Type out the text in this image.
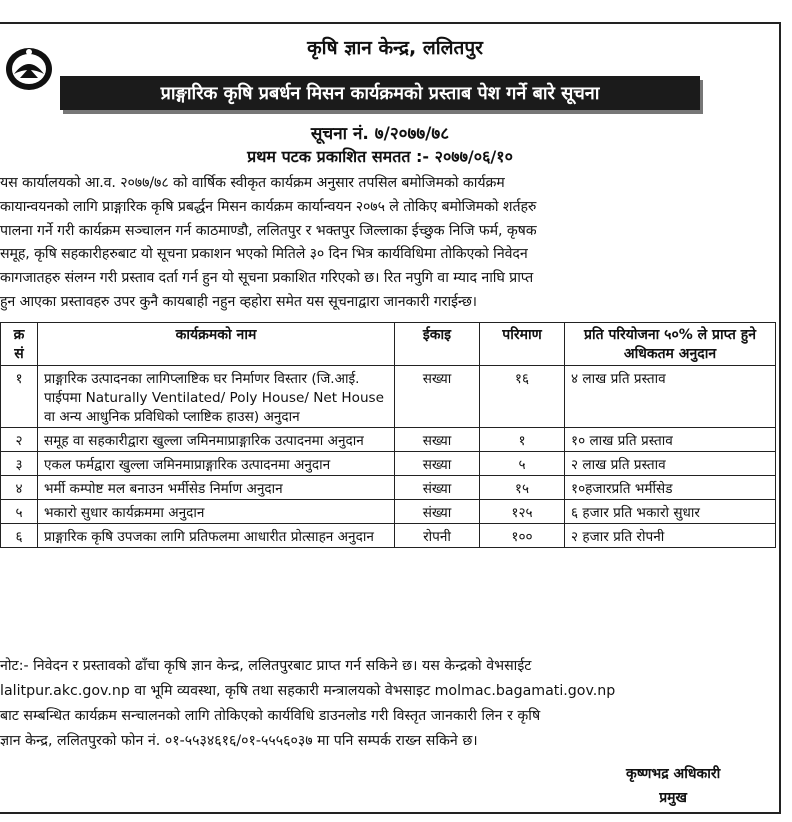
कृषि ज्ञान केन्द्र, ललितपुर
प्राङ्गारिक कृषि प्रबर्धन मिसन कार्यक्रमको प्रस्ताब पेश गर्ने बारे सूचना
सूचना नं. ७/२०७७/७८
प्रथम पटक प्रकाशित समतत :- २०७७/०६/१०
यस कार्यालयको आ.व. २०७७/७८ को वार्षिक स्वीकृत कार्यक्रम अनुसार तपसिल बमोजिमको कार्यक्रम
कायान्वयनको लागि प्राङ्गारिक कृषि प्रबर्द्धन मिसन कार्यक्रम कार्यान्वयन २०७५ ले तोकिए बमोजिमको शर्तहरु
पालना गर्ने गरी कार्यक्रम सञ्चालन गर्न काठमाण्डौ, ललितपुर र भक्तपुर जिल्लाका ईच्छुक निजि फर्म, कृषक
समूह, कृषि सहकारीहरुबाट यो सूचना प्रकाशन भएको मितिले ३० दिन भित्र कार्यविधिमा तोकिएको निवेदन
कागजातहरु संलग्न गरी प्रस्ताव दर्ता गर्न हुन यो सूचना प्रकाशित गरिएको छ। रित नपुगि वा म्याद नाघि प्राप्त
हुन आएका प्रस्तावहरु उपर कुनै कायबाही नहुन व्हहोरा समेत यस सूचनाद्वारा जानकारी गराईन्छ।
क्र सं	कार्यक्रमको नाम	ईकाइ	परिमाण	प्रति परियोजना ५०% ले प्राप्त हुने अधिकतम अनुदान
१	प्राङ्गारिक उत्पादनका लागिप्लाष्टिक घर निर्माणर विस्तार (जि.आई. पाईपमा Naturally Ventilated/ Poly House/ Net House वा अन्य आधुनिक प्रविधिको प्लाष्टिक हाउस) अनुदान	सख्या	१६	४ लाख प्रति प्रस्ताव
२	समूह वा सहकारीद्वारा खुल्ला जमिनमाप्राङ्गारिक उत्पादनमा अनुदान	सख्या	१	१० लाख प्रति प्रस्ताव
३	एकल फर्मद्वारा खुल्ला जमिनमाप्राङ्गारिक उत्पादनमा अनुदान	सख्या	५	२ लाख प्रति प्रस्ताव
४	भर्मी कम्पोष्ट मल बनाउन भर्मीसेड निर्माण अनुदान	संख्या	१५	१०हजारप्रति भर्मीसेड
५	भकारो सुधार कार्यक्रममा अनुदान	संख्या	१२५	६ हजार प्रति भकारो सुधार
६	प्राङ्गारिक कृषि उपजका लागि प्रतिफलमा आधारीत प्रोत्साहन अनुदान	रोपनी	१००	२ हजार प्रति रोपनी
नोट:- निवेदन र प्रस्तावको ढाँचा कृषि ज्ञान केन्द्र, ललितपुरबाट प्राप्त गर्न सकिने छ। यस केन्द्रको वेभसाईट
lalitpur.akc.gov.np वा भूमि व्यवस्था, कृषि तथा सहकारी मन्त्रालयको वेभसाइट molmac.bagamati.gov.np
बाट सम्बन्धित कार्यक्रम सन्चालनको लागि तोकिएको कार्यविधि डाउनलोड गरी विस्तृत जानकारी लिन र कृषि
ज्ञान केन्द्र, ललितपुरको फोन नं. ०१-५५३४६१६/०१-५५५६०३७ मा पनि सम्पर्क राख्न सकिने छ।
कृष्णभद्र अधिकारी
प्रमुख
